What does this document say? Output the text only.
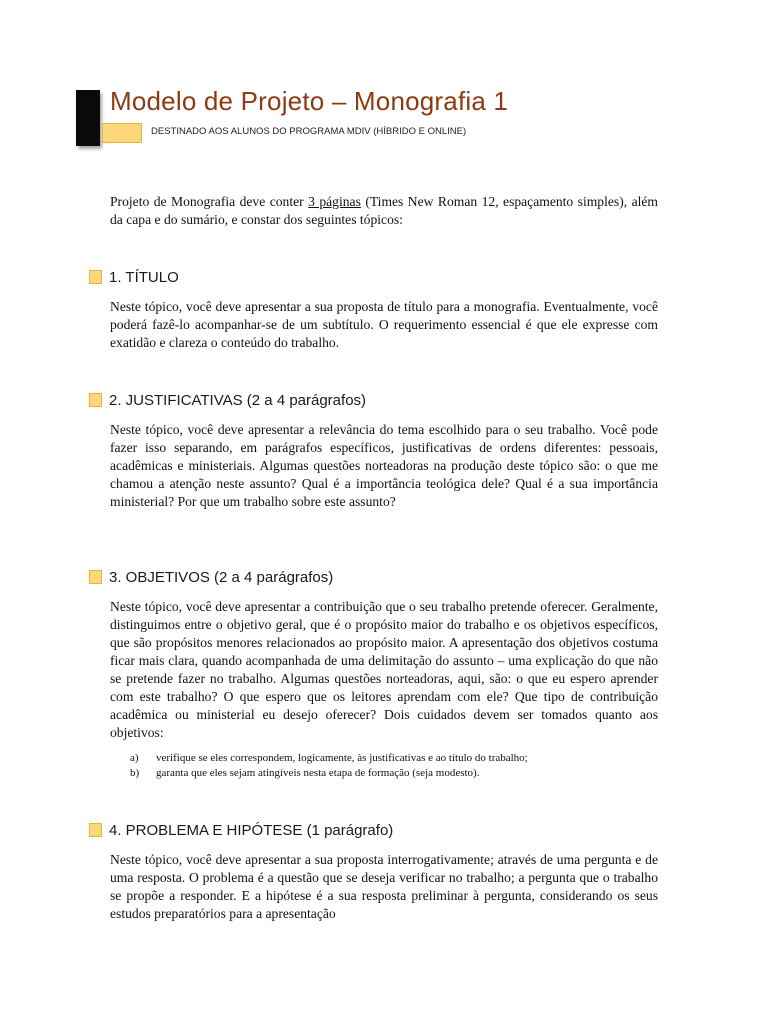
Modelo de Projeto – Monografia 1
DESTINADO AOS ALUNOS DO PROGRAMA MDIV (HÍBRIDO E ONLINE)
Projeto de Monografia deve conter 3 páginas (Times New Roman 12, espaçamento simples), além da capa e do sumário, e constar dos seguintes tópicos:
1. TÍTULO
Neste tópico, você deve apresentar a sua proposta de título para a monografia. Eventualmente, você poderá fazê-lo acompanhar-se de um subtítulo. O requerimento essencial é que ele expresse com exatidão e clareza o conteúdo do trabalho.
2. JUSTIFICATIVAS (2 a 4 parágrafos)
Neste tópico, você deve apresentar a relevância do tema escolhido para o seu trabalho. Você pode fazer isso separando, em parágrafos específicos, justificativas de ordens diferentes: pessoais, acadêmicas e ministeriais. Algumas questões norteadoras na produção deste tópico são: o que me chamou a atenção neste assunto? Qual é a importância teológica dele? Qual é a sua importância ministerial? Por que um trabalho sobre este assunto?
3. OBJETIVOS (2 a 4 parágrafos)
Neste tópico, você deve apresentar a contribuição que o seu trabalho pretende oferecer. Geralmente, distinguimos entre o objetivo geral, que é o propósito maior do trabalho e os objetivos específicos, que são propósitos menores relacionados ao propósito maior. A apresentação dos objetivos costuma ficar mais clara, quando acompanhada de uma delimitação do assunto – uma explicação do que não se pretende fazer no trabalho. Algumas questões norteadoras, aqui, são: o que eu espero aprender com este trabalho? O que espero que os leitores aprendam com ele? Que tipo de contribuição acadêmica ou ministerial eu desejo oferecer? Dois cuidados devem ser tomados quanto aos objetivos:
a)	verifique se eles correspondem, logicamente, às justificativas e ao título do trabalho;
b)	garanta que eles sejam atingíveis nesta etapa de formação (seja modesto).
4. PROBLEMA E HIPÓTESE (1 parágrafo)
Neste tópico, você deve apresentar a sua proposta interrogativamente; através de uma pergunta e de uma resposta. O problema é a questão que se deseja verificar no trabalho; a pergunta que o trabalho se propõe a responder. E a hipótese é a sua resposta preliminar à pergunta, considerando os seus estudos preparatórios para a apresentação
